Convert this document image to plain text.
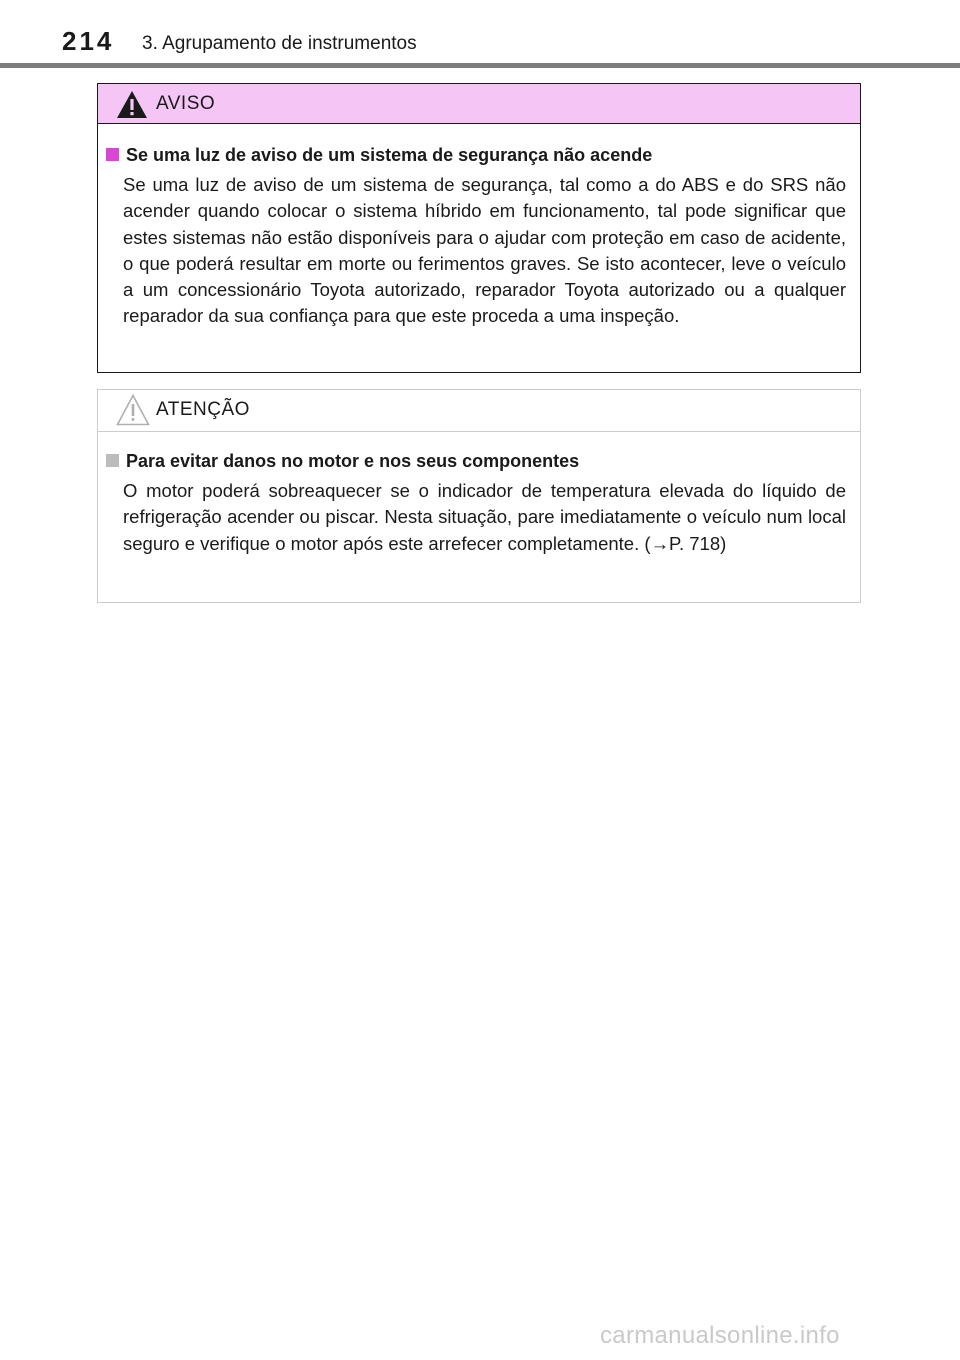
214 3. Agrupamento de instrumentos
AVISO
Se uma luz de aviso de um sistema de segurança não acende

Se uma luz de aviso de um sistema de segurança, tal como a do ABS e do SRS não acender quando colocar o sistema híbrido em funcionamento, tal pode significar que estes sistemas não estão disponíveis para o ajudar com proteção em caso de acidente, o que poderá resultar em morte ou ferimentos graves. Se isto acontecer, leve o veículo a um concessionário Toyota autorizado, reparador Toyota autorizado ou a qualquer reparador da sua confiança para que este proceda a uma inspeção.

ATENÇÃO
Para evitar danos no motor e nos seus componentes

O motor poderá sobreaquecer se o indicador de temperatura elevada do líquido de refrigeração acender ou piscar. Nesta situação, pare imediatamente o veículo num local seguro e verifique o motor após este arrefecer completamente. (→P. 718)

carmanualsonline.info
